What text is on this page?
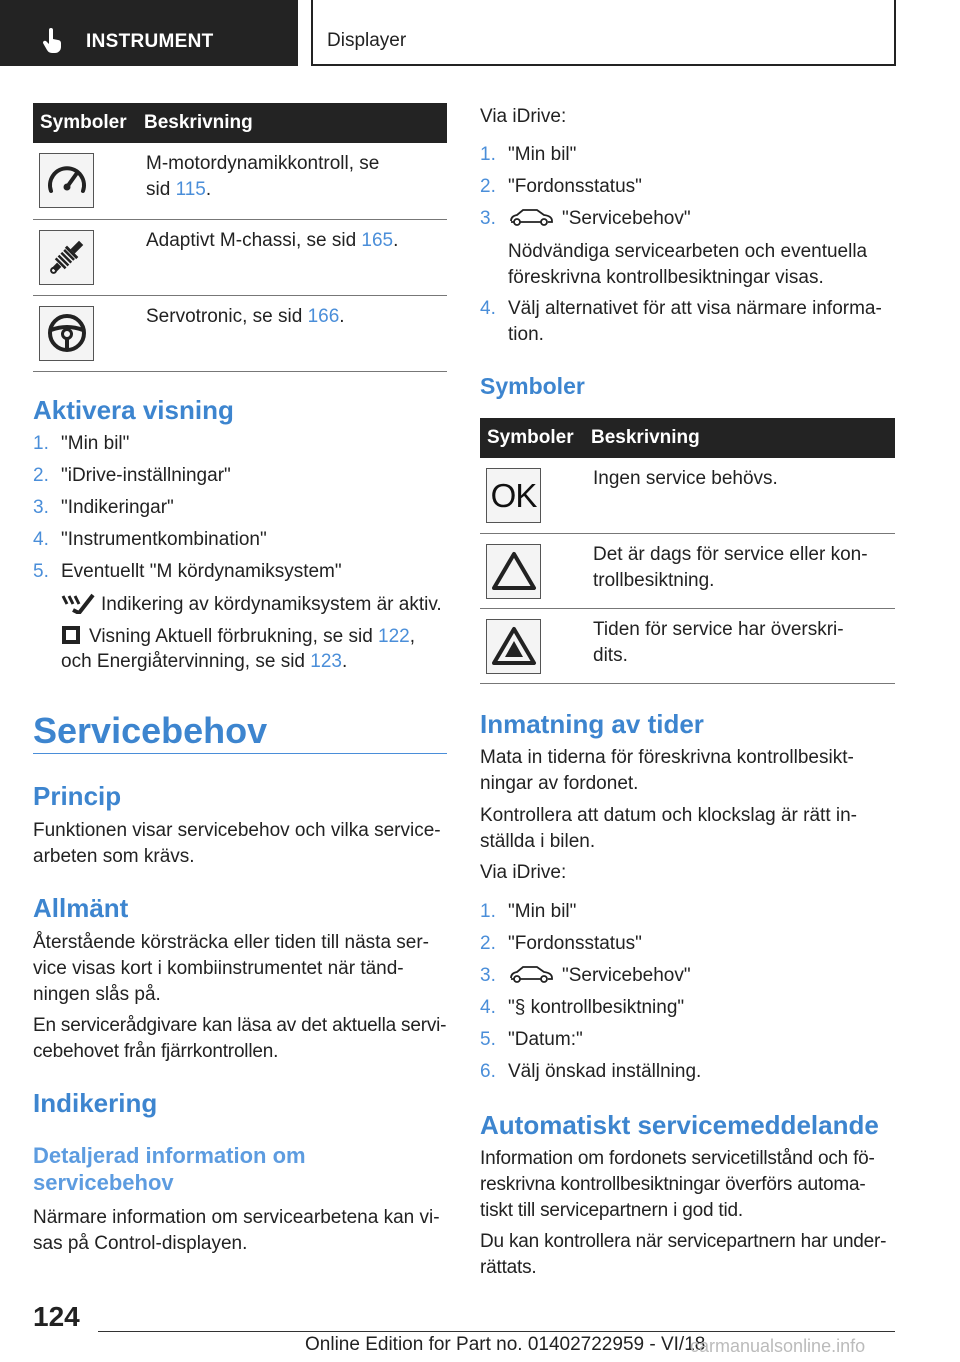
INSTRUMENT	Displayer
Symboler	Beskrivning

	M-motordynamikkontroll, se
sid 115.

	Adaptivt M-chassi, se sid 165.

	Servotronic, se sid 166.
Aktivera visning
1. "Min bil"
2. "iDrive-inställningar"
3. "Indikeringar"
4. "Instrumentkombination"
5. Eventuellt "M kördynamiksystem"
Indikering av kördynamiksystem är aktiv.
Visning Aktuell förbrukning, se sid 122,
och Energiåtervinning, se sid 123.
Servicebehov
Princip
Funktionen visar servicebehov och vilka service-
arbeten som krävs.
Allmänt
Återstående körsträcka eller tiden till nästa ser-
vice visas kort i kombiinstrumentet när tänd-
ningen slås på.
En servicerådgivare kan läsa av det aktuella servi-
cebehovet från fjärrkontrollen.
Indikering
Detaljerad information om
servicebehov
Närmare information om servicearbetena kan vi-
sas på Control-displayen.
Via iDrive:
1. "Min bil"
2. "Fordonsstatus"
3.	"Servicebehov"
Nödvändiga servicearbeten och eventuella
föreskrivna kontrollbesiktningar visas.
4. Välj alternativet för att visa närmare informa-
tion.
Symboler
Symboler	Beskrivning

OK	Ingen service behövs.

	Det är dags för service eller kon-
trollbesiktning.

	Tiden för service har överskri-
dits.
Inmatning av tider
Mata in tiderna för föreskrivna kontrollbesikt-
ningar av fordonet.
Kontrollera att datum och klockslag är rätt in-
ställda i bilen.
Via iDrive:
1. "Min bil"
2. "Fordonsstatus"
3.	"Servicebehov"
4. "§ kontrollbesiktning"
5. "Datum:"
6. Välj önskad inställning.
Automatiskt servicemeddelande
Information om fordonets servicetillstånd och fö-
reskrivna kontrollbesiktningar överförs automa-
tiskt till servicepartnern i god tid.
Du kan kontrollera när servicepartnern har under-
rättats.
124
Online Edition for Part no. 01402722959 - VI/18
carmanualsonline.info
